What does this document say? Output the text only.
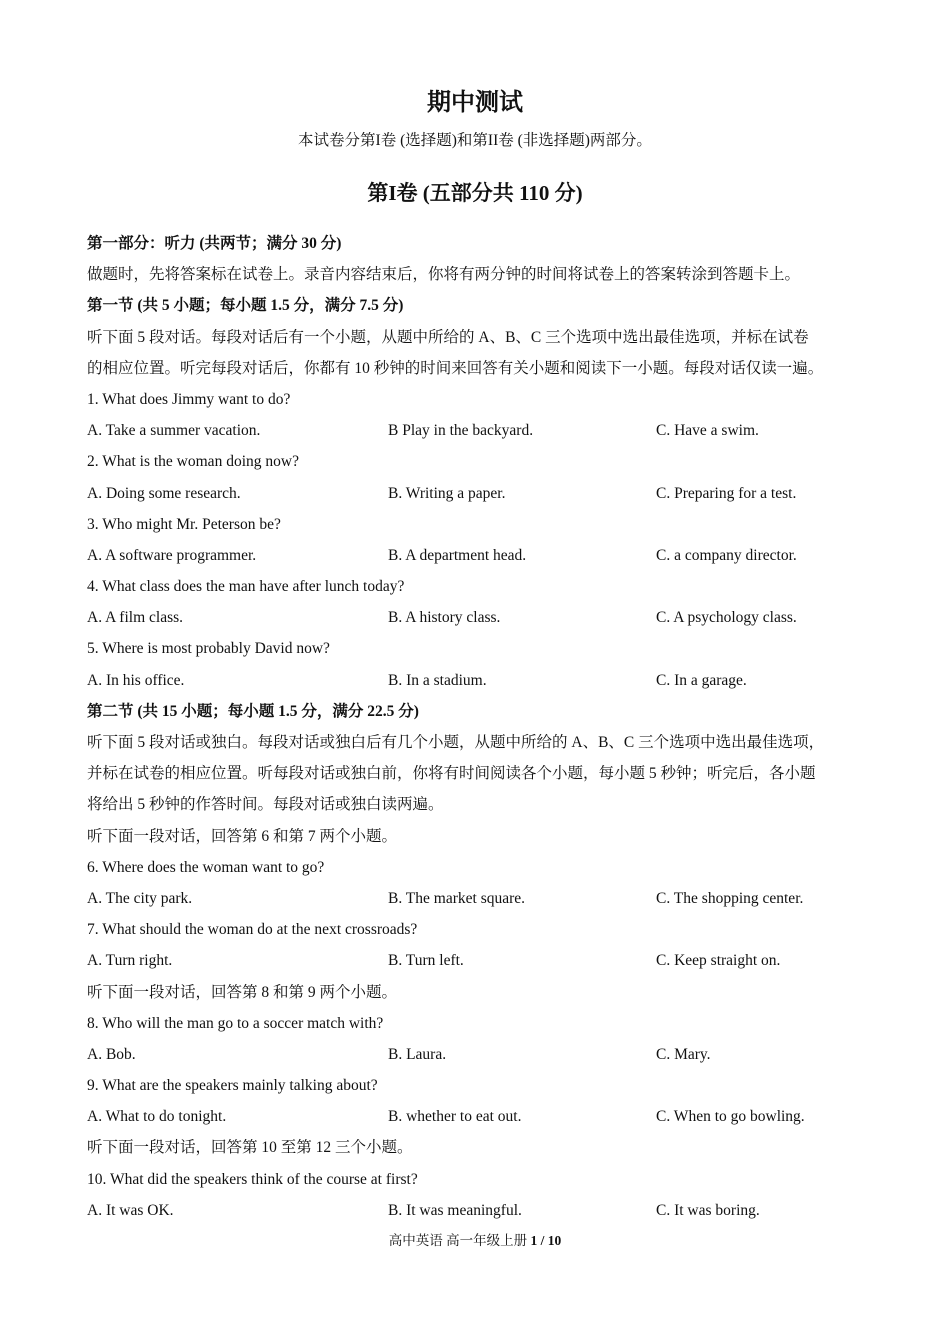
期中测试
本试卷分第I卷 (选择题)和第II卷 (非选择题)两部分。
第I卷 (五部分共 110 分)
第一部分：听力 (共两节；满分 30 分)
做题时，先将答案标在试卷上。录音内容结束后，你将有两分钟的时间将试卷上的答案转涂到答题卡上。
第一节 (共 5 小题；每小题 1.5 分，满分 7.5 分)
听下面 5 段对话。每段对话后有一个小题，从题中所给的 A、B、C 三个选项中选出最佳选项，并标在试卷
的相应位置。听完每段对话后，你都有 10 秒钟的时间来回答有关小题和阅读下一小题。每段对话仅读一遍。
1. What does Jimmy want to do?
A. Take a summer vacation.	B Play in the backyard.	C. Have a swim.
2. What is the woman doing now?
A. Doing some research.	B. Writing a paper.	C. Preparing for a test.
3. Who might Mr. Peterson be?
A. A software programmer.	B. A department head.	C. a company director.
4. What class does the man have after lunch today?
A. A film class.	B. A history class.	C. A psychology class.
5. Where is most probably David now?
A. In his office.	B. In a stadium.	C. In a garage.
第二节 (共 15 小题；每小题 1.5 分，满分 22.5 分)
听下面 5 段对话或独白。每段对话或独白后有几个小题，从题中所给的 A、B、C 三个选项中选出最佳选项，
并标在试卷的相应位置。听每段对话或独白前，你将有时间阅读各个小题，每小题 5 秒钟；听完后，各小题
将给出 5 秒钟的作答时间。每段对话或独白读两遍。
听下面一段对话，回答第 6 和第 7 两个小题。
6. Where does the woman want to go?
A. The city park.	B. The market square.	C. The shopping center.
7. What should the woman do at the next crossroads?
A. Turn right.	B. Turn left.	C. Keep straight on.
听下面一段对话，回答第 8 和第 9 两个小题。
8. Who will the man go to a soccer match with?
A. Bob.	B. Laura.	C. Mary.
9. What are the speakers mainly talking about?
A. What to do tonight.	B. whether to eat out.	C. When to go bowling.
听下面一段对话，回答第 10 至第 12 三个小题。
10. What did the speakers think of the course at first?
A. It was OK.	B. It was meaningful.	C. It was boring.
高中英语 高一年级上册 1 / 10
